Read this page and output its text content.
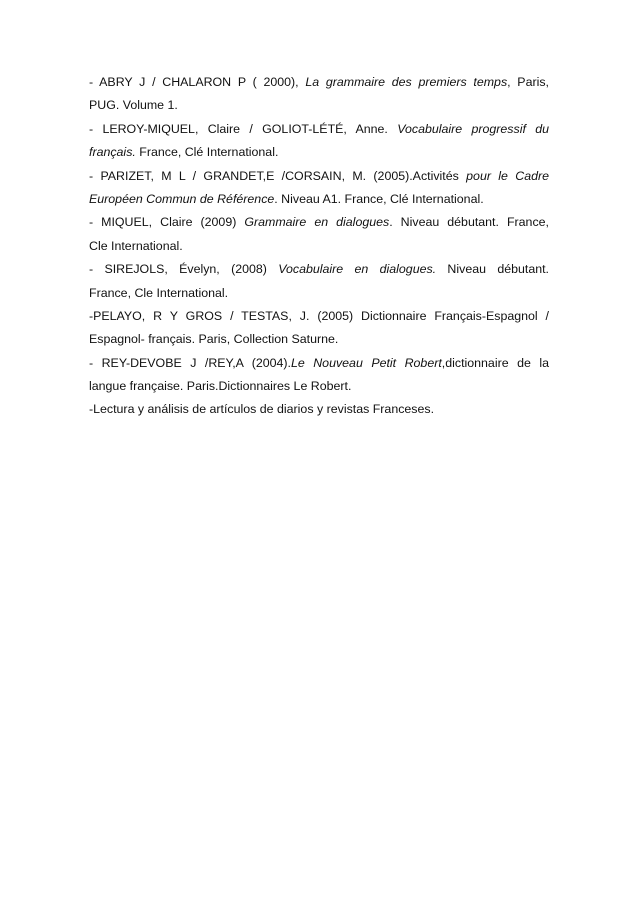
- ABRY J / CHALARON P ( 2000), La grammaire des premiers temps, Paris,
PUG. Volume 1.
- LEROY-MIQUEL, Claire / GOLIOT-LÉTÉ, Anne. Vocabulaire progressif du
français. France, Clé International.
- PARIZET, M L / GRANDET,E /CORSAIN, M. (2005).Activités pour le Cadre
Européen Commun de Référence. Niveau A1. France, Clé International.
- MIQUEL, Claire (2009) Grammaire en dialogues. Niveau débutant. France,
Cle International.
- SIREJOLS, Évelyn, (2008) Vocabulaire en dialogues. Niveau débutant.
France, Cle International.
-PELAYO, R Y GROS / TESTAS, J. (2005) Dictionnaire Français-Espagnol /
Espagnol- français. Paris, Collection Saturne.
- REY-DEVOBE J /REY,A (2004).Le Nouveau Petit Robert,dictionnaire de la
langue française. Paris.Dictionnaires Le Robert.
-Lectura y análisis de artículos de diarios y revistas Franceses.
